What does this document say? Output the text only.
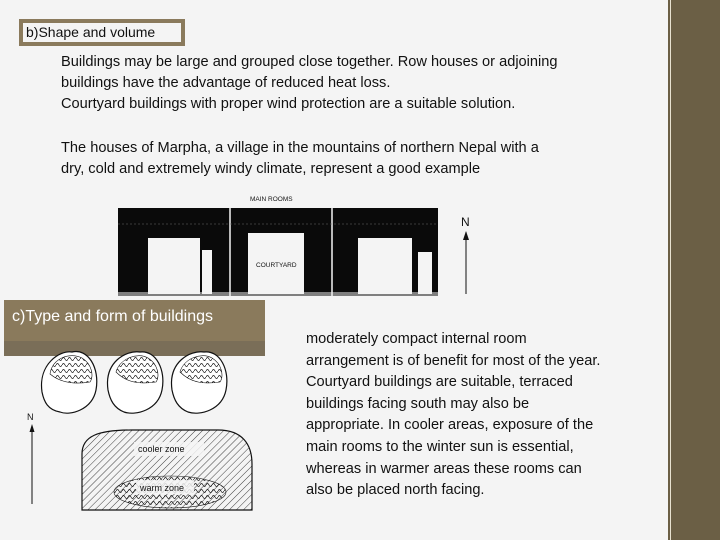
b)Shape and volume
Buildings may be large and grouped close together. Row houses or adjoining
buildings have the advantage of reduced heat loss.
Courtyard buildings with proper wind protection are a suitable solution.
The houses of Marpha, a village in the mountains of northern Nepal with a
dry, cold and extremely windy climate, represent a good example
MAIN ROOMS
COURTYARD
N
c)Type and form of buildings
N
cooler zone
warm zone
moderately compact internal room
arrangement is of benefit for most of the year.
Courtyard buildings are suitable, terraced
buildings facing south may also be
appropriate. In cooler areas, exposure of the
main rooms to the winter sun is essential,
whereas in warmer areas these rooms can
also be placed north facing.
